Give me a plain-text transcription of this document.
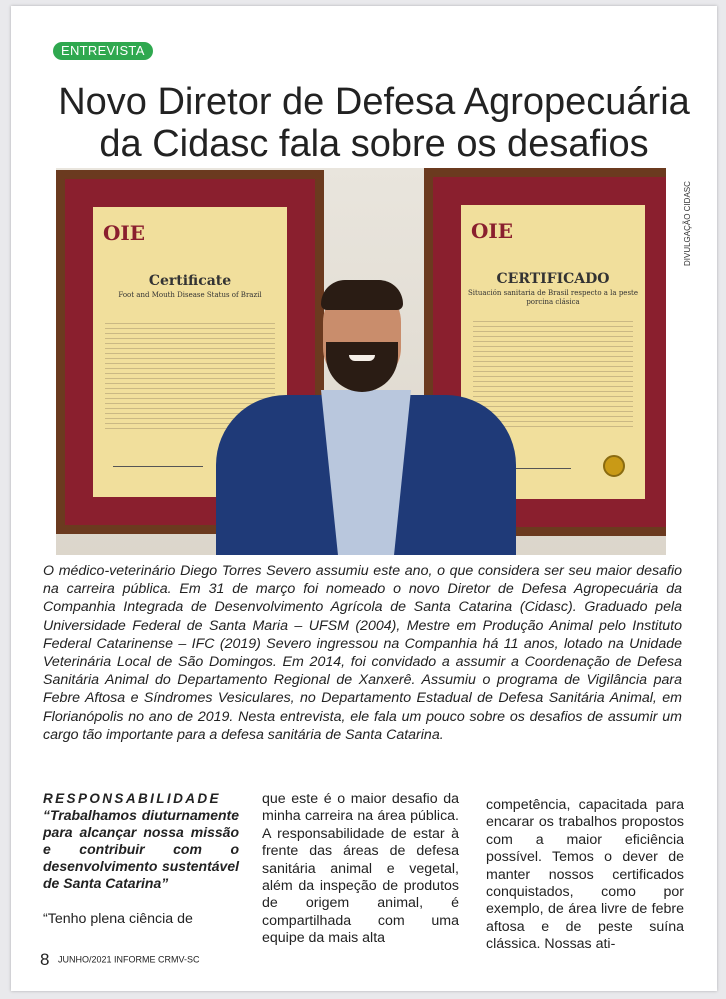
ENTREVISTA
Novo Diretor de Defesa Agropecuária
da Cidasc fala sobre os desafios
DIVULGAÇÃO CIDASC
OIE
Certificate
Foot and Mouth Disease Status of Brazil
OIE
CERTIFICADO
Situación sanitaria de Brasil respecto a la peste porcina clásica

O médico-veterinário Diego Torres Severo assumiu este ano, o que considera ser seu maior desafio na carreira pública. Em 31 de março foi nomeado o novo Diretor de Defesa Agropecuária da Companhia Integrada de Desenvolvimento Agrícola de Santa Catarina (Cidasc). Graduado pela Universidade Federal de Santa Maria – UFSM (2004), Mestre em Produção Animal pelo Instituto Federal Catarinense – IFC (2019) Severo ingressou na Companhia há 11 anos, lotado na Unidade Veterinária Local de São Domingos. Em 2014, foi convidado a assumir a Coordenação de Defesa Sanitária Animal do Departamento Regional de Xanxerê. Assumiu o programa de Vigilância para Febre Aftosa e Síndromes Vesiculares, no Departamento Estadual de Defesa Sanitária Animal, em Florianópolis no ano de 2019. Nesta entrevista, ele fala um pouco sobre os desafios de assumir um cargo tão importante para a defesa sanitária de Santa Catarina.

RESPONSABILIDADE
“Trabalhamos diuturnamente para alcançar nossa missão e contribuir com o desenvolvimento sustentável de Santa Catarina”
“Tenho plena ciência de
que este é o maior desafio da minha carreira na área pública. A responsabilidade de estar à frente das áreas de defesa sanitária animal e vegetal, além da inspeção de produtos de origem animal, é compartilhada com uma equipe da mais alta
competência, capacitada para encarar os trabalhos propostos com a maior eficiência possível. Temos o dever de manter nossos certificados conquistados, como por exemplo, de área livre de febre aftosa e de peste suína clássica. Nossas ati-
8 JUNHO/2021 INFORME CRMV-SC
